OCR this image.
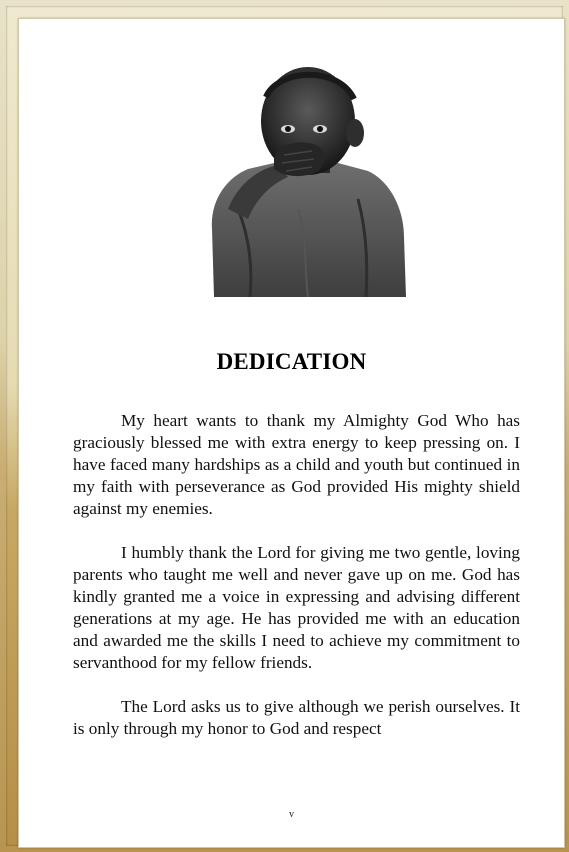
DEDICATION

My heart wants to thank my Almighty God Who has graciously blessed me with extra energy to keep pressing on. I have faced many hardships as a child and youth but continued in my faith with perseverance as God provided His mighty shield against my enemies.

I humbly thank the Lord for giving me two gentle, loving parents who taught me well and never gave up on me. God has kindly granted me a voice in expressing and advising different generations at my age. He has provided me with an education and awarded me the skills I need to achieve my commitment to servanthood for my fellow friends.

The Lord asks us to give although we perish ourselves. It is only through my honor to God and respect

v
